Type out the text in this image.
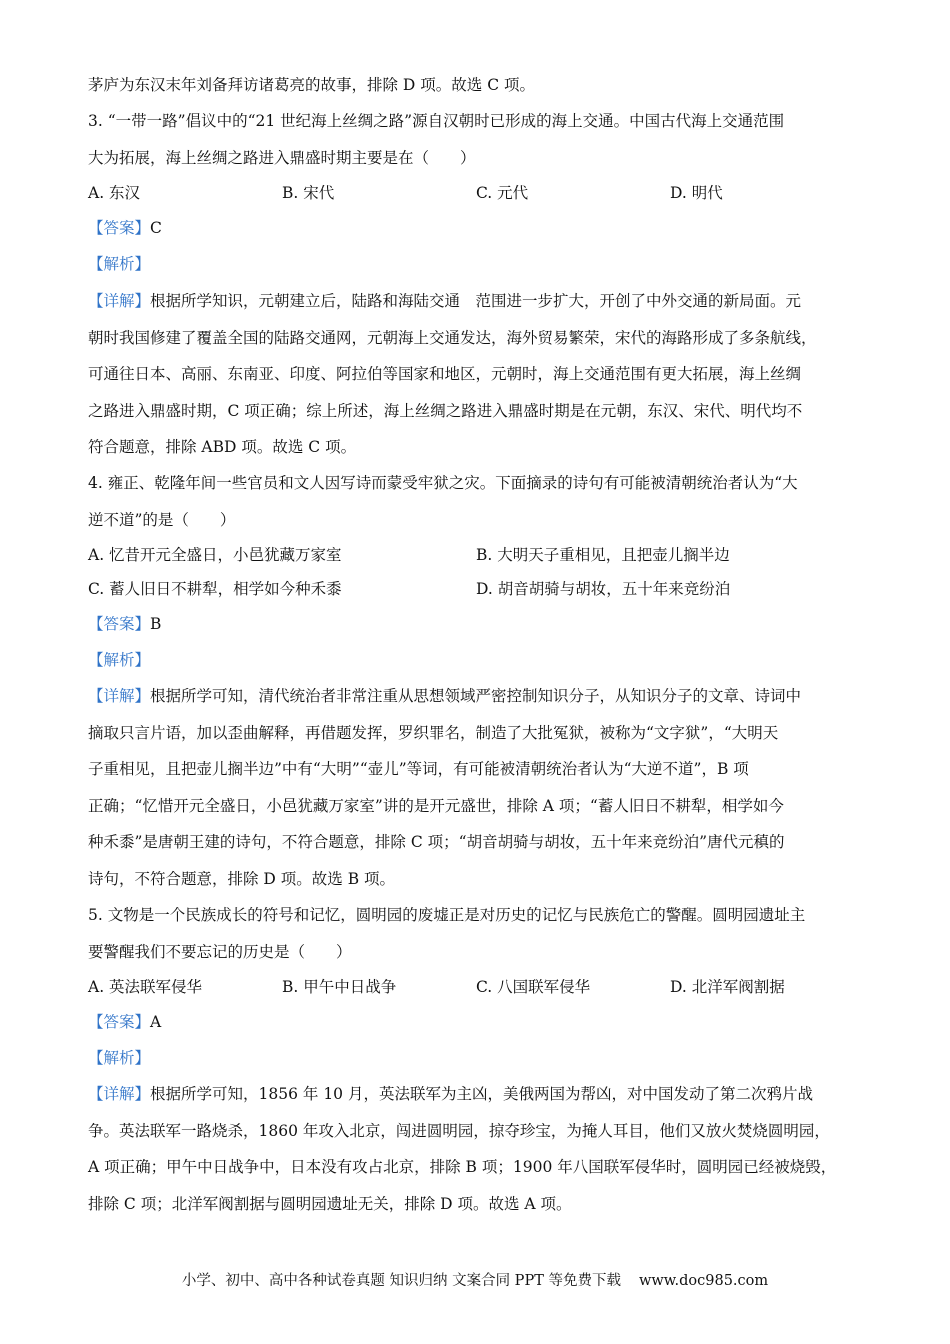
茅庐为东汉末年刘备拜访诸葛亮的故事，排除 D 项。故选 C 项。
3. “一带一路”倡议中的“21 世纪海上丝绸之路”源自汉朝时已形成的海上交通。中国古代海上交通范围
大为拓展，海上丝绸之路进入鼎盛时期主要是在（　　）
A. 东汉	B. 宋代	C. 元代	D. 明代
【答案】C
【解析】
【详解】根据所学知识，元朝建立后，陆路和海陆交通　范围进一步扩大，开创了中外交通的新局面。元
朝时我国修建了覆盖全国的陆路交通网，元朝海上交通发达，海外贸易繁荣，宋代的海路形成了多条航线，
可通往日本、高丽、东南亚、印度、阿拉伯等国家和地区，元朝时，海上交通范围有更大拓展，海上丝绸
之路进入鼎盛时期，C 项正确；综上所述，海上丝绸之路进入鼎盛时期是在元朝，东汉、宋代、明代均不
符合题意，排除 ABD 项。故选 C 项。
4. 雍正、乾隆年间一些官员和文人因写诗而蒙受牢狱之灾。下面摘录的诗句有可能被清朝统治者认为“大
逆不道”的是（　　）
A. 忆昔开元全盛日，小邑犹藏万家室	B. 大明天子重相见，且把壶儿搁半边
C. 蓄人旧日不耕犁，相学如今种禾黍	D. 胡音胡骑与胡妆，五十年来竞纷泊
【答案】B
【解析】
【详解】根据所学可知，清代统治者非常注重从思想领域严密控制知识分子，从知识分子的文章、诗词中
摘取只言片语，加以歪曲解释，再借题发挥，罗织罪名，制造了大批冤狱，被称为“文字狱”，“大明天
子重相见，且把壶儿搁半边”中有“大明”“壶儿”等词，有可能被清朝统治者认为“大逆不道”，B 项
正确；“忆惜开元全盛日，小邑犹藏万家室”讲的是开元盛世，排除 A 项；“蓄人旧日不耕犁，相学如今
种禾黍”是唐朝王建的诗句，不符合题意，排除 C 项；“胡音胡骑与胡妆，五十年来竞纷泊”唐代元稹的
诗句，不符合题意，排除 D 项。故选 B 项。
5. 文物是一个民族成长的符号和记忆，圆明园的废墟正是对历史的记忆与民族危亡的警醒。圆明园遗址主
要警醒我们不要忘记的历史是（　　）
A. 英法联军侵华	B. 甲午中日战争	C. 八国联军侵华	D. 北洋军阀割据
【答案】A
【解析】
【详解】根据所学可知，1856 年 10 月，英法联军为主凶，美俄两国为帮凶，对中国发动了第二次鸦片战
争。英法联军一路烧杀，1860 年攻入北京，闯进圆明园，掠夺珍宝，为掩人耳目，他们又放火焚烧圆明园，
A 项正确；甲午中日战争中，日本没有攻占北京，排除 B 项；1900 年八国联军侵华时，圆明园已经被烧毁，
排除 C 项；北洋军阀割据与圆明园遗址无关，排除 D 项。故选 A 项。
小学、初中、高中各种试卷真题 知识归纳 文案合同 PPT 等免费下载 www.doc985.com
